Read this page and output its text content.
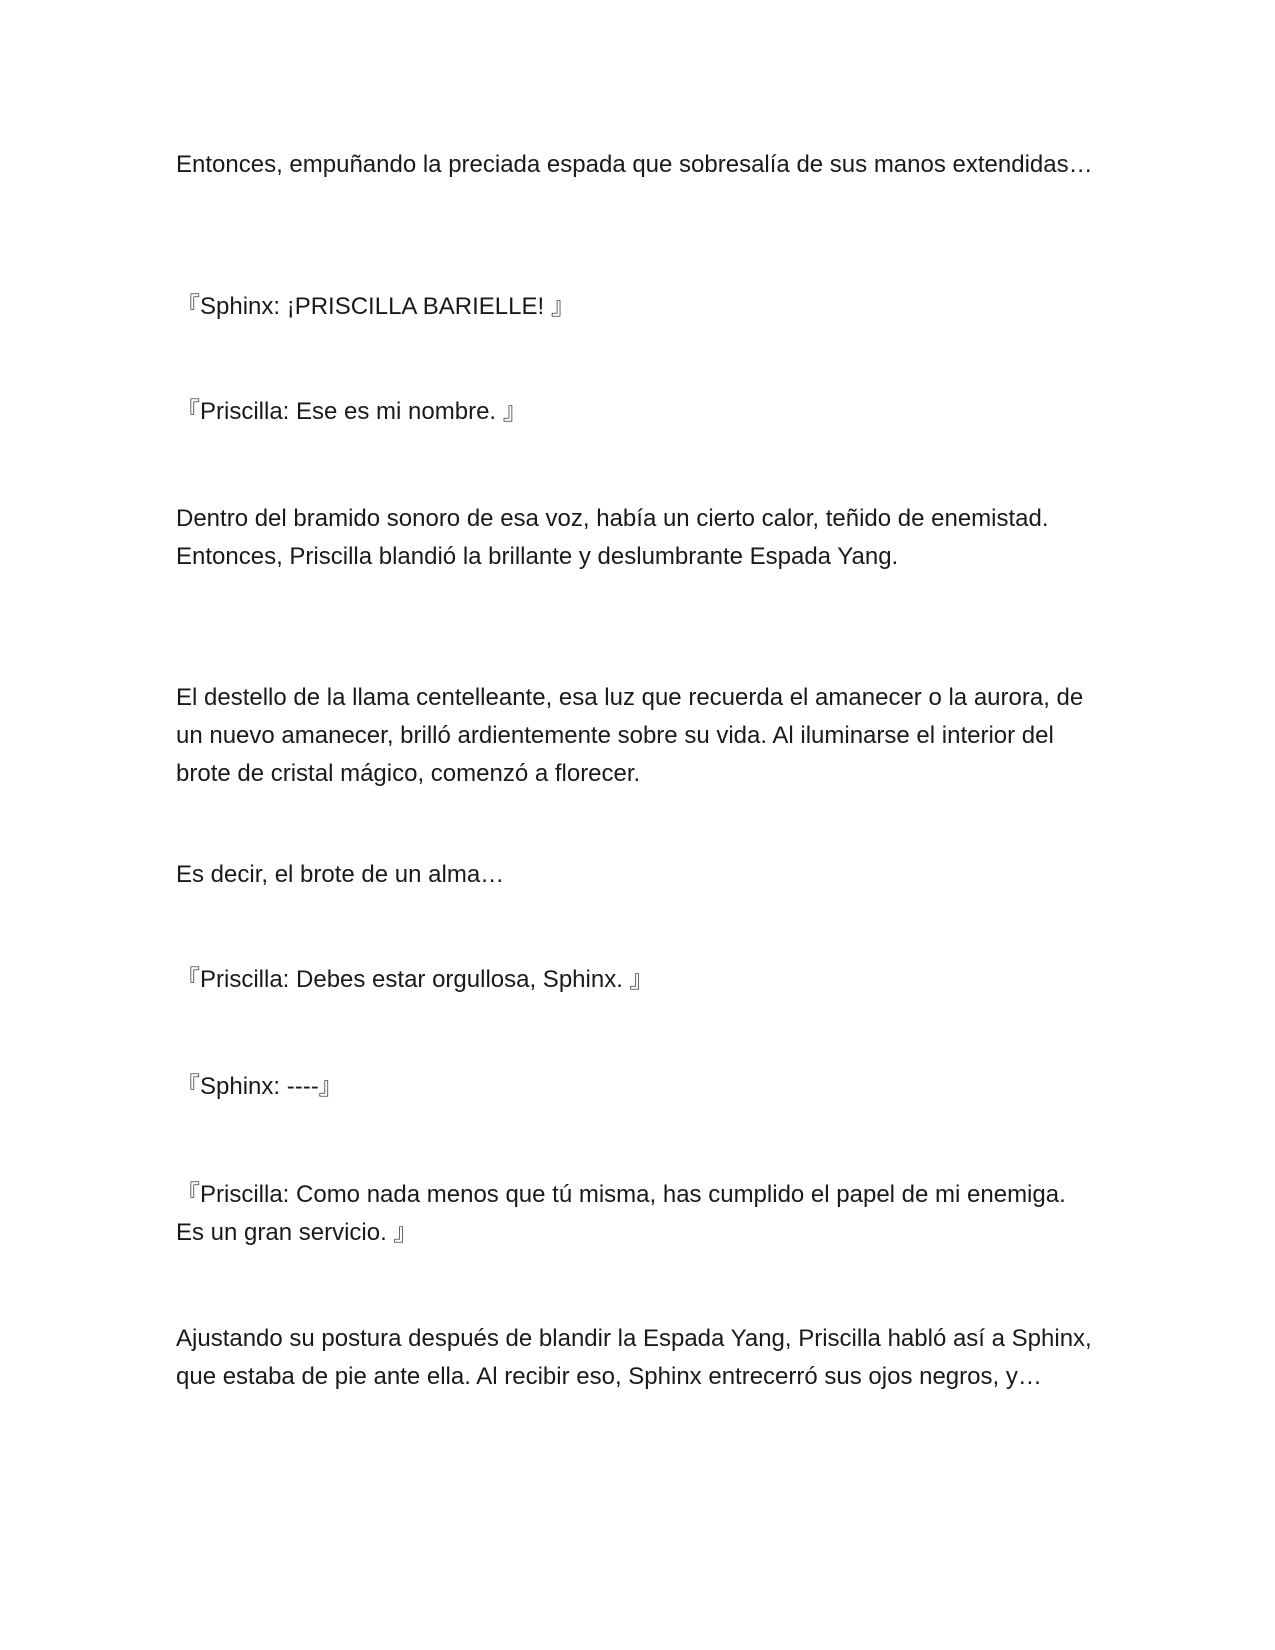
Entonces, empuñando la preciada espada que sobresalía de sus manos extendidas…

『Sphinx: ¡PRISCILLA BARIELLE! 』

『Priscilla: Ese es mi nombre. 』

Dentro del bramido sonoro de esa voz, había un cierto calor, teñido de enemistad. Entonces, Priscilla blandió la brillante y deslumbrante Espada Yang.

El destello de la llama centelleante, esa luz que recuerda el amanecer o la aurora, de un nuevo amanecer, brilló ardientemente sobre su vida. Al iluminarse el interior del brote de cristal mágico, comenzó a florecer.

Es decir, el brote de un alma…

『Priscilla: Debes estar orgullosa, Sphinx. 』

『Sphinx: ----』

『Priscilla: Como nada menos que tú misma, has cumplido el papel de mi enemiga. Es un gran servicio. 』

Ajustando su postura después de blandir la Espada Yang, Priscilla habló así a Sphinx, que estaba de pie ante ella. Al recibir eso, Sphinx entrecerró sus ojos negros, y…
